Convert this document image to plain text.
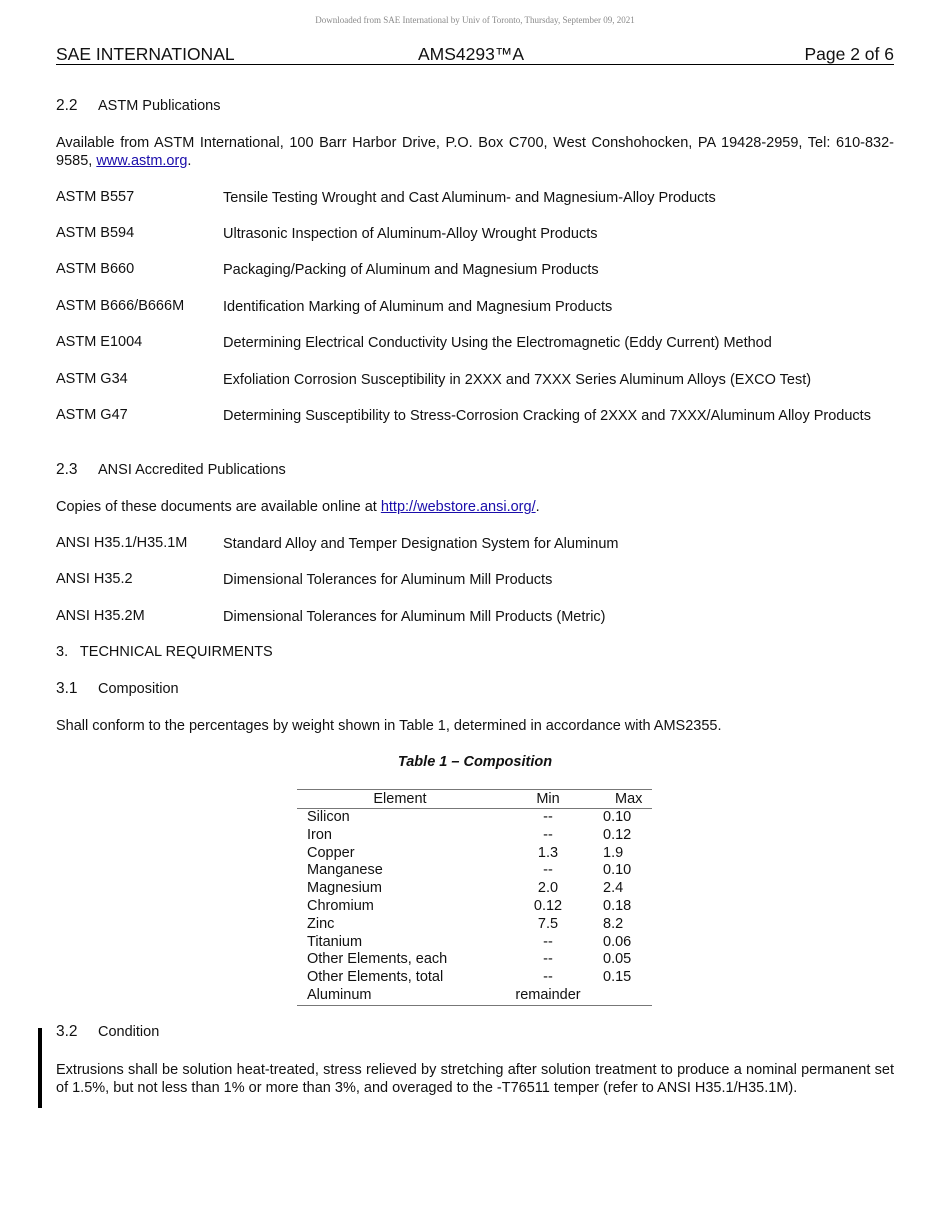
Downloaded from SAE International by Univ of Toronto, Thursday, September 09, 2021
SAE INTERNATIONAL	AMS4293™A	Page 2 of 6
2.2 ASTM Publications
Available from ASTM International, 100 Barr Harbor Drive, P.O. Box C700, West Conshohocken, PA 19428-2959, Tel: 610-832-9585, www.astm.org.
ASTM B557	Tensile Testing Wrought and Cast Aluminum- and Magnesium-Alloy Products
ASTM B594	Ultrasonic Inspection of Aluminum-Alloy Wrought Products
ASTM B660	Packaging/Packing of Aluminum and Magnesium Products
ASTM B666/B666M	Identification Marking of Aluminum and Magnesium Products
ASTM E1004	Determining Electrical Conductivity Using the Electromagnetic (Eddy Current) Method
ASTM G34	Exfoliation Corrosion Susceptibility in 2XXX and 7XXX Series Aluminum Alloys (EXCO Test)
ASTM G47	Determining Susceptibility to Stress-Corrosion Cracking of 2XXX and 7XXX/Aluminum Alloy Products
2.3 ANSI Accredited Publications
Copies of these documents are available online at http://webstore.ansi.org/.
ANSI H35.1/H35.1M Standard Alloy and Temper Designation System for Aluminum
ANSI H35.2	Dimensional Tolerances for Aluminum Mill Products
ANSI H35.2M	Dimensional Tolerances for Aluminum Mill Products (Metric)
3.   TECHNICAL REQUIRMENTS
3.1 Composition
Shall conform to the percentages by weight shown in Table 1, determined in accordance with AMS2355.
Table 1 – Composition
Element	Min	Max
Silicon	--	0.10
Iron	--	0.12
Copper	1.3	1.9
Manganese	--	0.10
Magnesium	2.0	2.4
Chromium	0.12	0.18
Zinc	7.5	8.2
Titanium	--	0.06
Other Elements, each	--	0.05
Other Elements, total	--	0.15
Aluminum	remainder	
3.2 Condition
Extrusions shall be solution heat-treated, stress relieved by stretching after solution treatment to produce a nominal permanent set of 1.5%, but not less than 1% or more than 3%, and overaged to the -T76511 temper (refer to ANSI H35.1/H35.1M).
